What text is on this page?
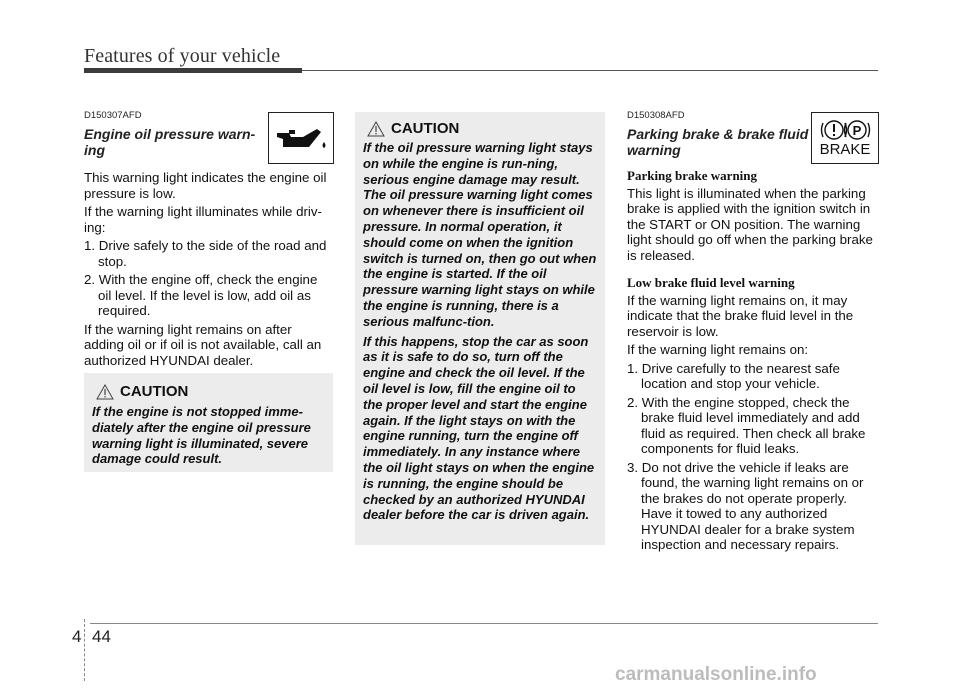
Features of your vehicle
D150307AFD
Engine oil pressure warn-
ing

This warning light indicates the engine oil pressure is low.

If the warning light illuminates while driv-ing:

1. Drive safely to the side of the road and stop.

2. With the engine off, check the engine oil level. If the level is low, add oil as required.

If the warning light remains on after adding oil or if oil is not available, call an authorized HYUNDAI dealer.

CAUTION
If the engine is not stopped imme-diately after the engine oil pressure warning light is illuminated, severe damage could result.
CAUTION

If the oil pressure warning light stays on while the engine is run-ning, serious engine damage may result. The oil pressure warning light comes on whenever there is insufficient oil pressure. In normal operation, it should come on when the ignition switch is turned on, then go out when the engine is started. If the oil pressure warning light stays on while the engine is running, there is a serious malfunc-tion.

If this happens, stop the car as soon as it is safe to do so, turn off the engine and check the oil level. If the oil level is low, fill the engine oil to the proper level and start the engine again. If the light stays on with the engine running, turn the engine off immediately. In any instance where the oil light stays on when the engine is running, the engine should be checked by an authorized HYUNDAI dealer before the car is driven again.

D150308AFD
Parking brake & brake fluid
warning
Parking brake warning

This light is illuminated when the parking brake is applied with the ignition switch in the START or ON position. The warning light should go off when the parking brake is released.

Low brake fluid level warning

If the warning light remains on, it may indicate that the brake fluid level in the reservoir is low.

If the warning light remains on:

1. Drive carefully to the nearest safe location and stop your vehicle.

2. With the engine stopped, check the brake fluid level immediately and add fluid as required. Then check all brake components for fluid leaks.

3. Do not drive the vehicle if leaks are found, the warning light remains on or the brakes do not operate properly. Have it towed to any authorized HYUNDAI dealer for a brake system inspection and necessary repairs.

P
BRAKE
4 44
carmanualsonline.info
